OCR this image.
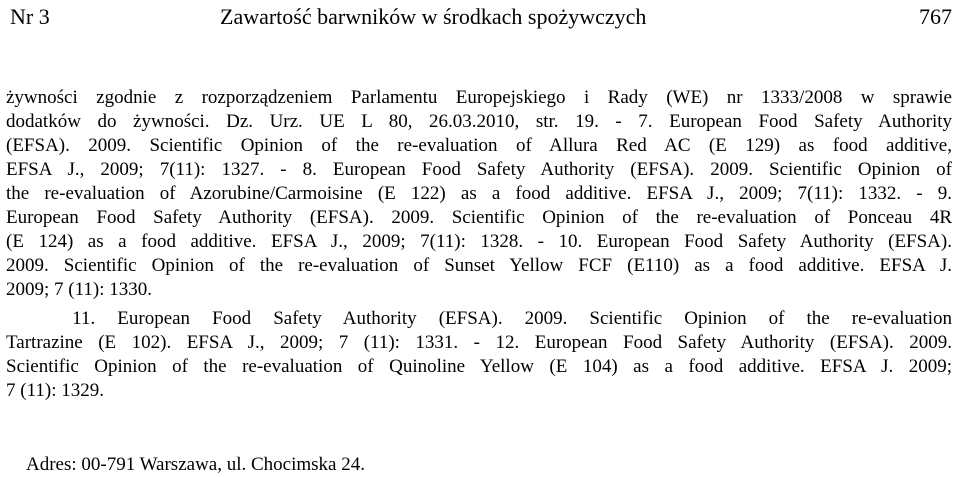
Nr 3	Zawartość barwników w środkach spożywczych	767
żywności zgodnie z rozporządzeniem Parlamentu Europejskiego i Rady (WE) nr 1333/2008 w sprawie
dodatków do żywności. Dz. Urz. UE L 80, 26.03.2010, str. 19. - 7. European Food Safety Authority
(EFSA). 2009. Scientific Opinion of the re-evaluation of Allura Red AC (E 129) as food additive,
EFSA J., 2009; 7(11): 1327. - 8. European Food Safety Authority (EFSA). 2009. Scientific Opinion of
the re-evaluation of Azorubine/Carmoisine (E 122) as a food additive. EFSA J., 2009; 7(11): 1332. - 9.
European Food Safety Authority (EFSA). 2009. Scientific Opinion of the re-evaluation of Ponceau 4R
(E 124) as a food additive. EFSA J., 2009; 7(11): 1328. - 10. European Food Safety Authority (EFSA).
2009. Scientific Opinion of the re-evaluation of Sunset Yellow FCF (E110) as a food additive. EFSA J.
2009; 7 (11): 1330.
11. European Food Safety Authority (EFSA). 2009. Scientific Opinion of the re-evaluation
Tartrazine (E 102). EFSA J., 2009; 7 (11): 1331. - 12. European Food Safety Authority (EFSA). 2009.
Scientific Opinion of the re-evaluation of Quinoline Yellow (E 104) as a food additive. EFSA J. 2009;
7 (11): 1329.
Adres: 00-791 Warszawa, ul. Chocimska 24.
